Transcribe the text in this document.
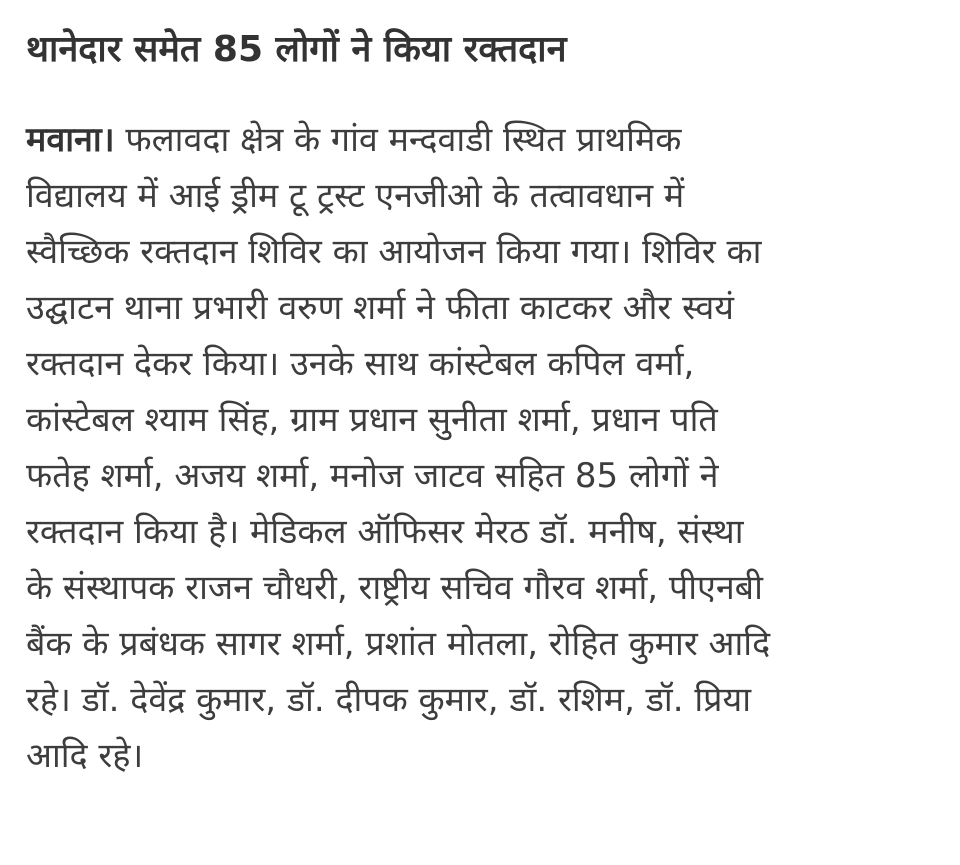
थानेदार समेत 85 लोगों ने किया रक्तदान
मवाना। फलावदा क्षेत्र के गांव मन्दवाडी स्थित प्राथमिक
विद्यालय में आई ड्रीम टू ट्रस्ट एनजीओ के तत्वावधान में
स्वैच्छिक रक्तदान शिविर का आयोजन किया गया। शिविर का
उद्घाटन थाना प्रभारी वरुण शर्मा ने फीता काटकर और स्वयं
रक्तदान देकर किया। उनके साथ कांस्टेबल कपिल वर्मा,
कांस्टेबल श्याम सिंह, ग्राम प्रधान सुनीता शर्मा, प्रधान पति
फतेह शर्मा, अजय शर्मा, मनोज जाटव सहित 85 लोगों ने
रक्तदान किया है। मेडिकल ऑफिसर मेरठ डॉ. मनीष, संस्था
के संस्थापक राजन चौधरी, राष्ट्रीय सचिव गौरव शर्मा, पीएनबी
बैंक के प्रबंधक सागर शर्मा, प्रशांत मोतला, रोहित कुमार आदि
रहे। डॉ. देवेंद्र कुमार, डॉ. दीपक कुमार, डॉ. रशिम, डॉ. प्रिया
आदि रहे।
